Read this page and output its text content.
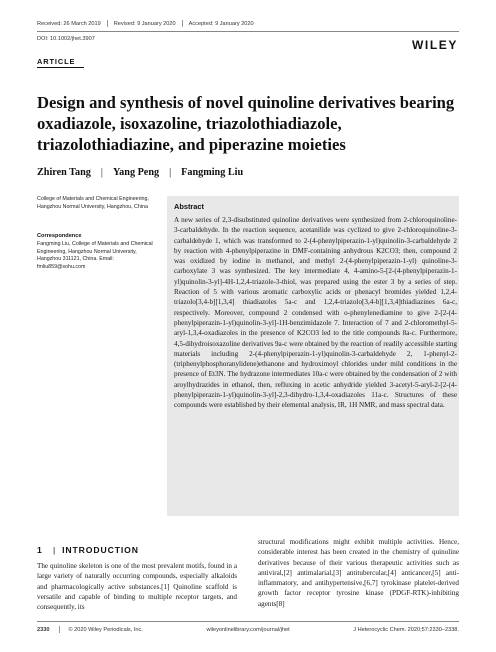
Received: 26 March 2019 Revised: 9 January 2020 Accepted: 9 January 2020
DOI: 10.1002/jhet.3907	WILEY
ARTICLE
Design and synthesis of novel quinoline derivatives bearing oxadiazole, isoxazoline, triazolothiadiazole, triazolothiadiazine, and piperazine moieties
Zhiren Tang | Yang Peng | Fangming Liu
College of Materials and Chemical Engineering, Hangzhou Normal University, Hangzhou, China
Correspondence
Fangming Liu, College of Materials and Chemical Engineering, Hangzhou Normal University, Hangzhou 311121, China. Email: fmliu859@sohu.com
Abstract

A new series of 2,3-disubstituted quinoline derivatives were synthesized from 2-chloroquinoline-3-carbaldehyde. In the reaction sequence, acetanilide was cyclized to give 2-chloroquinoline-3-carbaldehyde 1, which was transformed to 2-(4-phenylpiperazin-1-yl)quinolin-3-carbaldehyde 2 by reaction with 4-phenylpiperazine in DMF-containing anhydrous K2CO3; then, compound 2 was oxidized by iodine in methanol, and methyl 2-(4-phenylpiperazin-1-yl) quinoline-3-carboxylate 3 was synthesized. The key intermediate 4, 4-amino-5-[2-(4-phenylpiperazin-1-yl)quinolin-3-yl]-4H-1,2,4-triazole-3-thiol, was prepared using the ester 3 by a series of step. Reaction of 5 with various aromatic carboxylic acids or phenacyl bromides yielded 1,2,4-triazolo[3,4-b][1,3,4] thiadiazoles 5a-c and 1,2,4-triazolo[3,4-b][1,3,4]thiadiazines 6a-c, respectively. Moreover, compound 2 condensed with o-phenylenediamine to give 2-[2-(4-phenylpiperazin-1-yl)quinolin-3-yl]-1H-benzimidazole 7. Interaction of 7 and 2-chloromethyl-5-aryl-1,3,4-oxadiazoles in the presence of K2CO3 led to the title compounds 8a-c. Furthermore, 4,5-dihydroisoxazoline derivatives 9a-c were obtained by the reaction of readily accessible starting materials including 2-(4-phenylpiperazin-1-yl)quinolin-3-carbaldehyde 2, 1-phenyl-2-(triphenylphosphoranylidene)ethanone and hydroximoyl chlorides under mild conditions in the presence of Et3N. The hydrazone intermediates 10a-c were obtained by the condensation of 2 with aroylhydrazides in ethanol, then, refluxing in acetic anhydride yielded 3-acetyl-5-aryl-2-[2-(4-phenylpiperazin-1-yl)quinolin-3-yl]-2,3-dihydro-1,3,4-oxadiazoles 11a-c. Structures of these compounds were established by their elemental analysis, IR, 1H NMR, and mass spectral data.

1	| INTRODUCTION

The quinoline skeleton is one of the most prevalent motifs, found in a large variety of naturally occurring compounds, especially alkaloids and pharmacologically active substances.[1] Quinoline scaffold is versatile and capable of binding to multiple receptor targets, and consequently, its

structural modifications might exhibit multiple activities. Hence, considerable interest has been created in the chemistry of quinoline derivatives because of their various therapeutic activities such as antiviral,[2] antimalarial,[3] antitubercular,[4] anticancer,[5] anti-inflammatory, and antihypertensive,[6,7] tyrokinase platelet-derived growth factor receptor tyrosine kinase (PDGF-RTK)-inhibiting agents[8]

2330	© 2020 Wiley Periodicals, Inc.	wileyonlinelibrary.com/journal/jhet	J Heterocyclic Chem. 2020;57:2330–2338.
